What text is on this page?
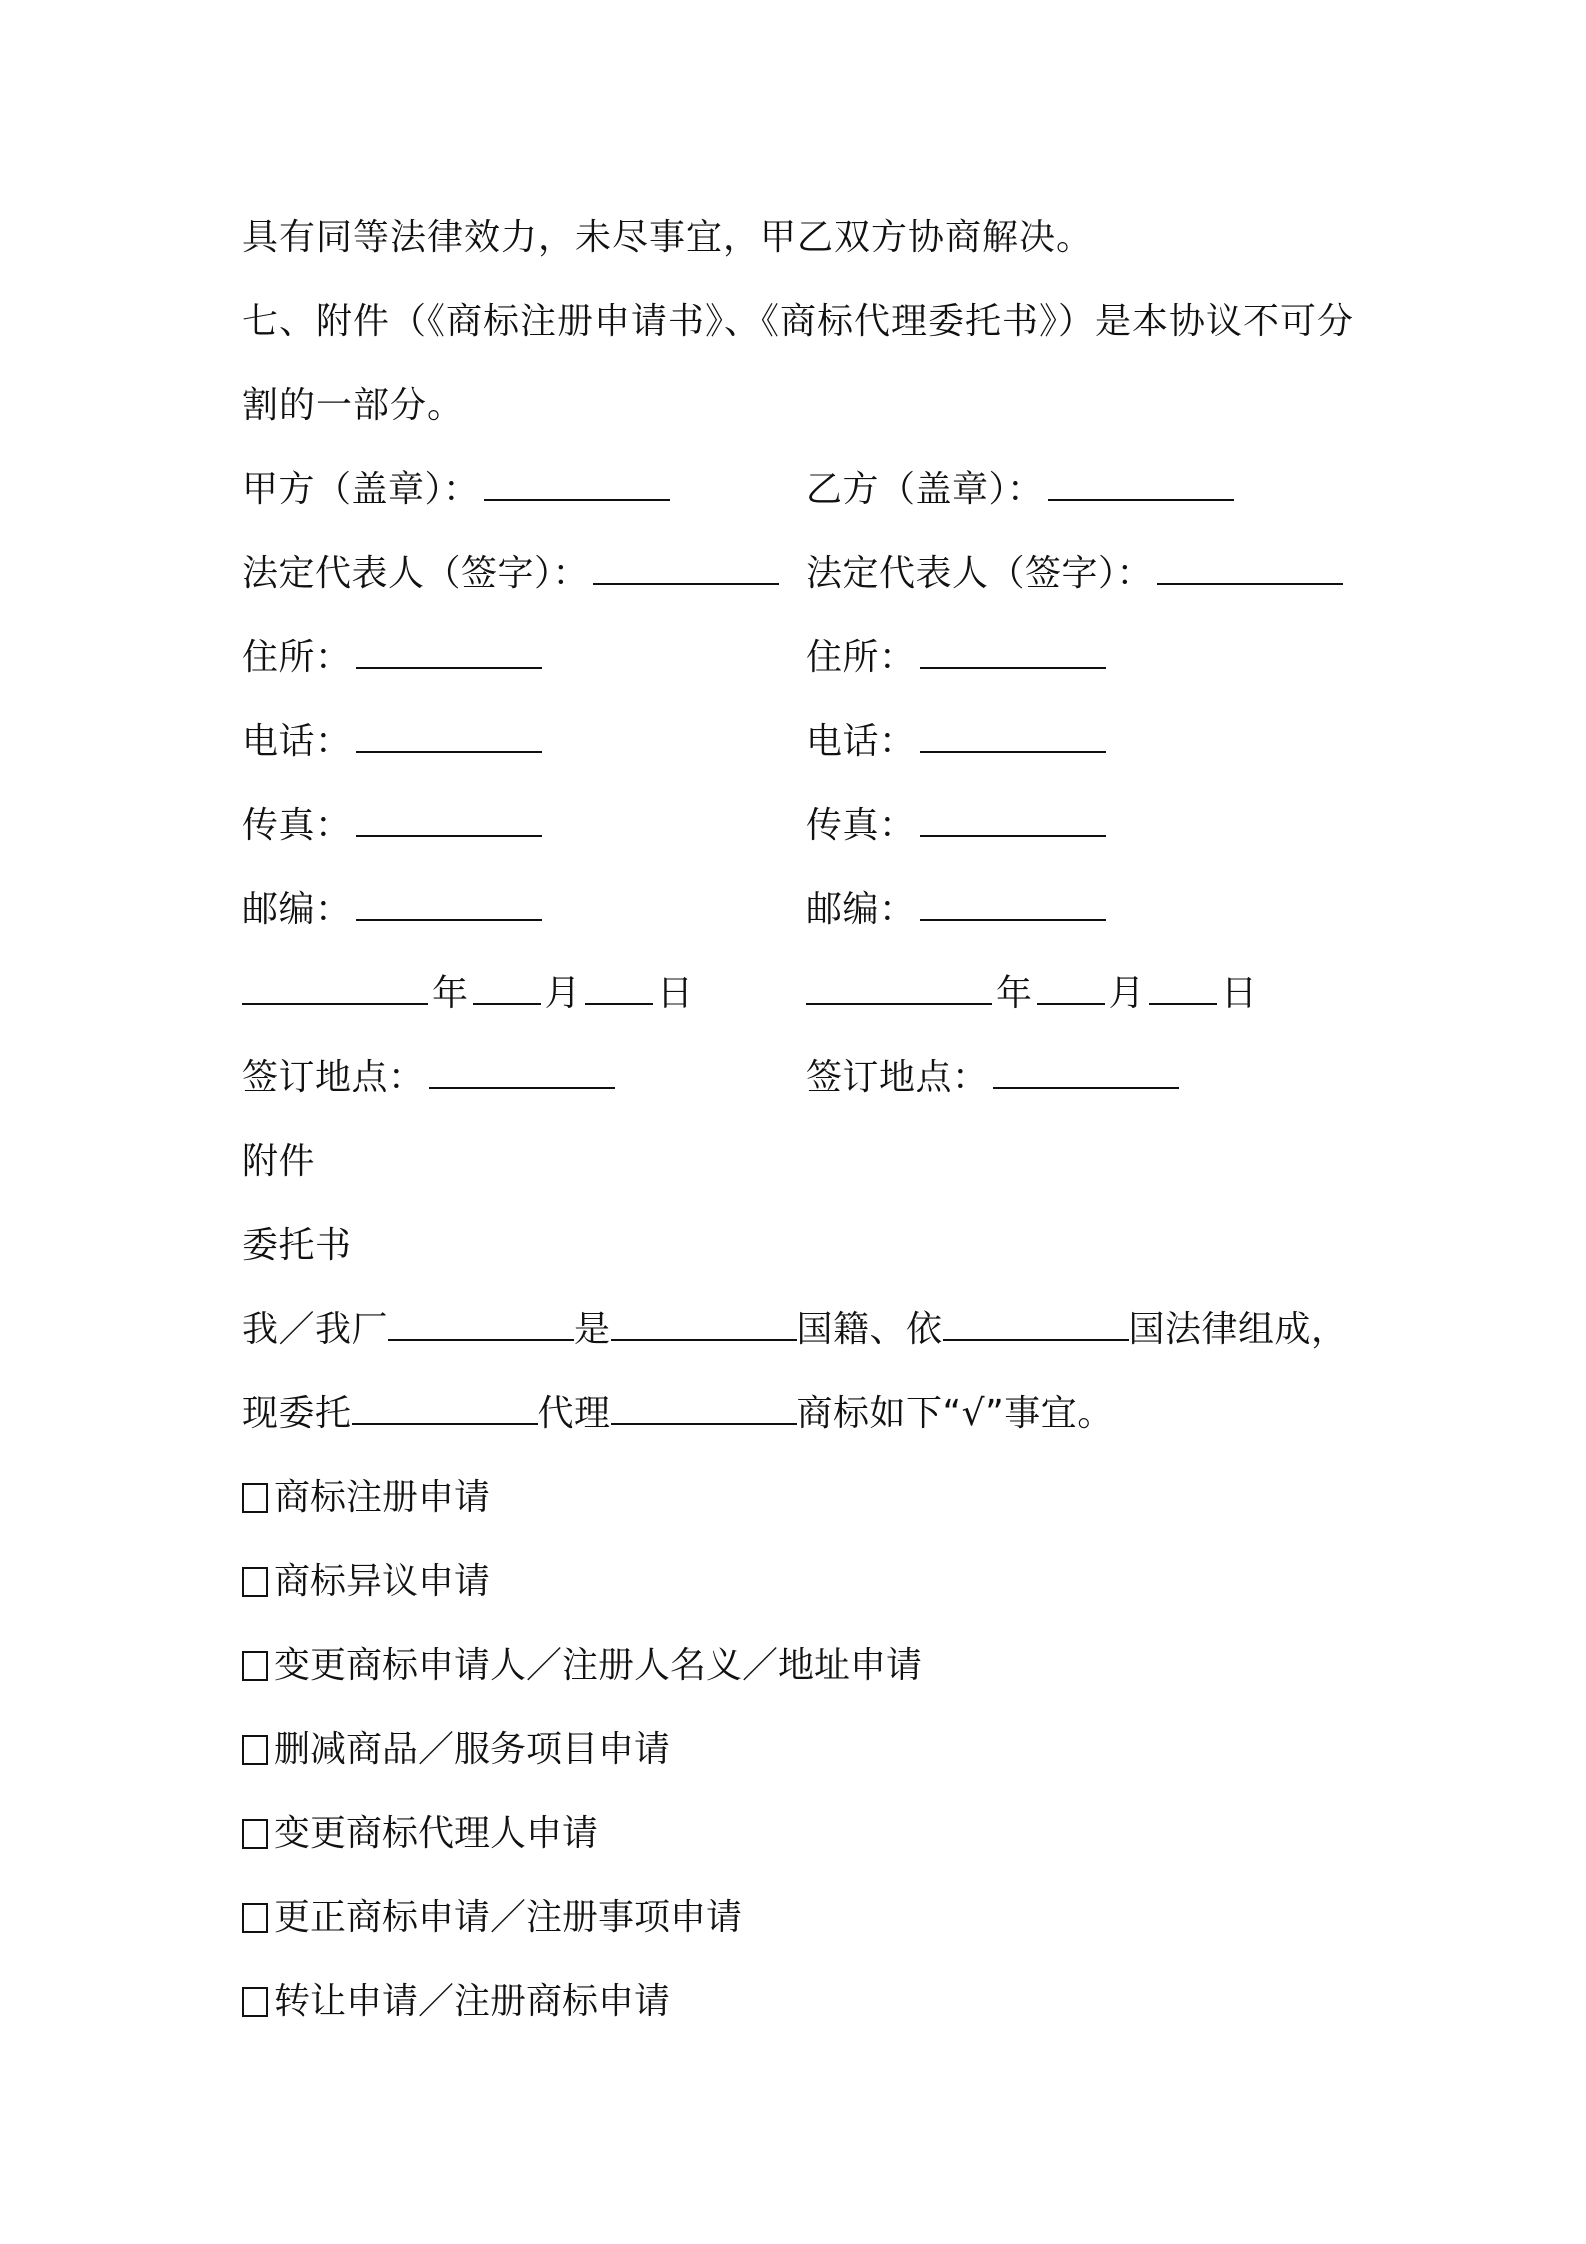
具有同等法律效力，未尽事宜，甲乙双方协商解决。
七、附件（《商标注册申请书》、《商标代理委托书》）是本协议不可分
割的一部分。
甲方（盖章）：	乙方（盖章）：
法定代表人（签字）：	法定代表人（签字）：
住所：	住所：
电话：	电话：
传真：	传真：
邮编：	邮编：
年 月 日	年 月 日
签订地点：	签订地点：
附件
委托书
我／我厂	是	国籍、依	国法律组成，
现委托	代理	商标如下“√”事宜。
商标注册申请
商标异议申请
变更商标申请人／注册人名义／地址申请
删减商品／服务项目申请
变更商标代理人申请
更正商标申请／注册事项申请
转让申请／注册商标申请
